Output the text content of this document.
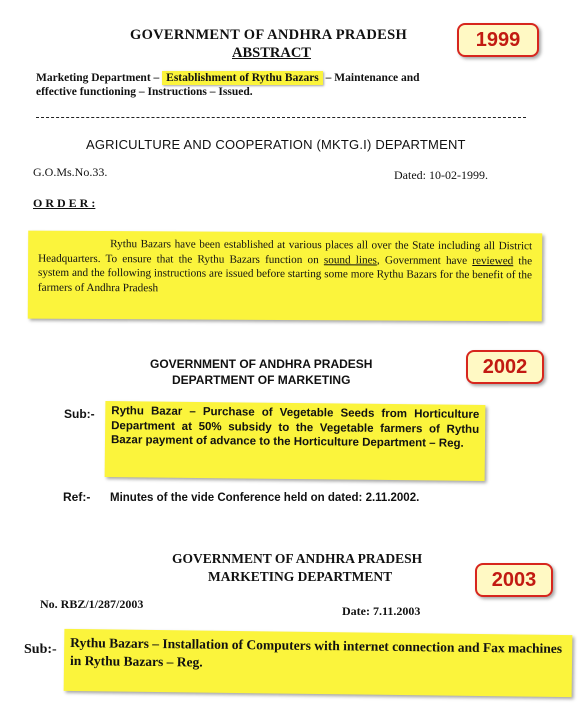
GOVERNMENT OF ANDHRA PRADESH
ABSTRACT
1999
Marketing Department – Establishment of Rythu Bazars – Maintenance and
effective functioning – Instructions – Issued.
AGRICULTURE AND COOPERATION (MKTG.I) DEPARTMENT
G.O.Ms.No.33.	Dated: 10-02-1999.
O R D E R :
Rythu Bazars have been established at various places all over the State including all District Headquarters. To ensure that the Rythu Bazars function on sound lines, Government have reviewed the system and the following instructions are issued before starting some more Rythu Bazars for the benefit of the farmers of Andhra Pradesh
GOVERNMENT OF ANDHRA PRADESH
DEPARTMENT OF MARKETING
2002
Sub:-	Rythu Bazar – Purchase of Vegetable Seeds from Horticulture Department at 50% subsidy to the Vegetable farmers of Rythu Bazar payment of advance to the Horticulture Department – Reg.
Ref:- Minutes of the vide Conference held on dated: 2.11.2002.
GOVERNMENT OF ANDHRA PRADESH
MARKETING DEPARTMENT	2003
No. RBZ/1/287/2003	Date: 7.11.2003
Sub:- Rythu Bazars – Installation of Computers with internet connection and Fax machines in Rythu Bazars – Reg.
